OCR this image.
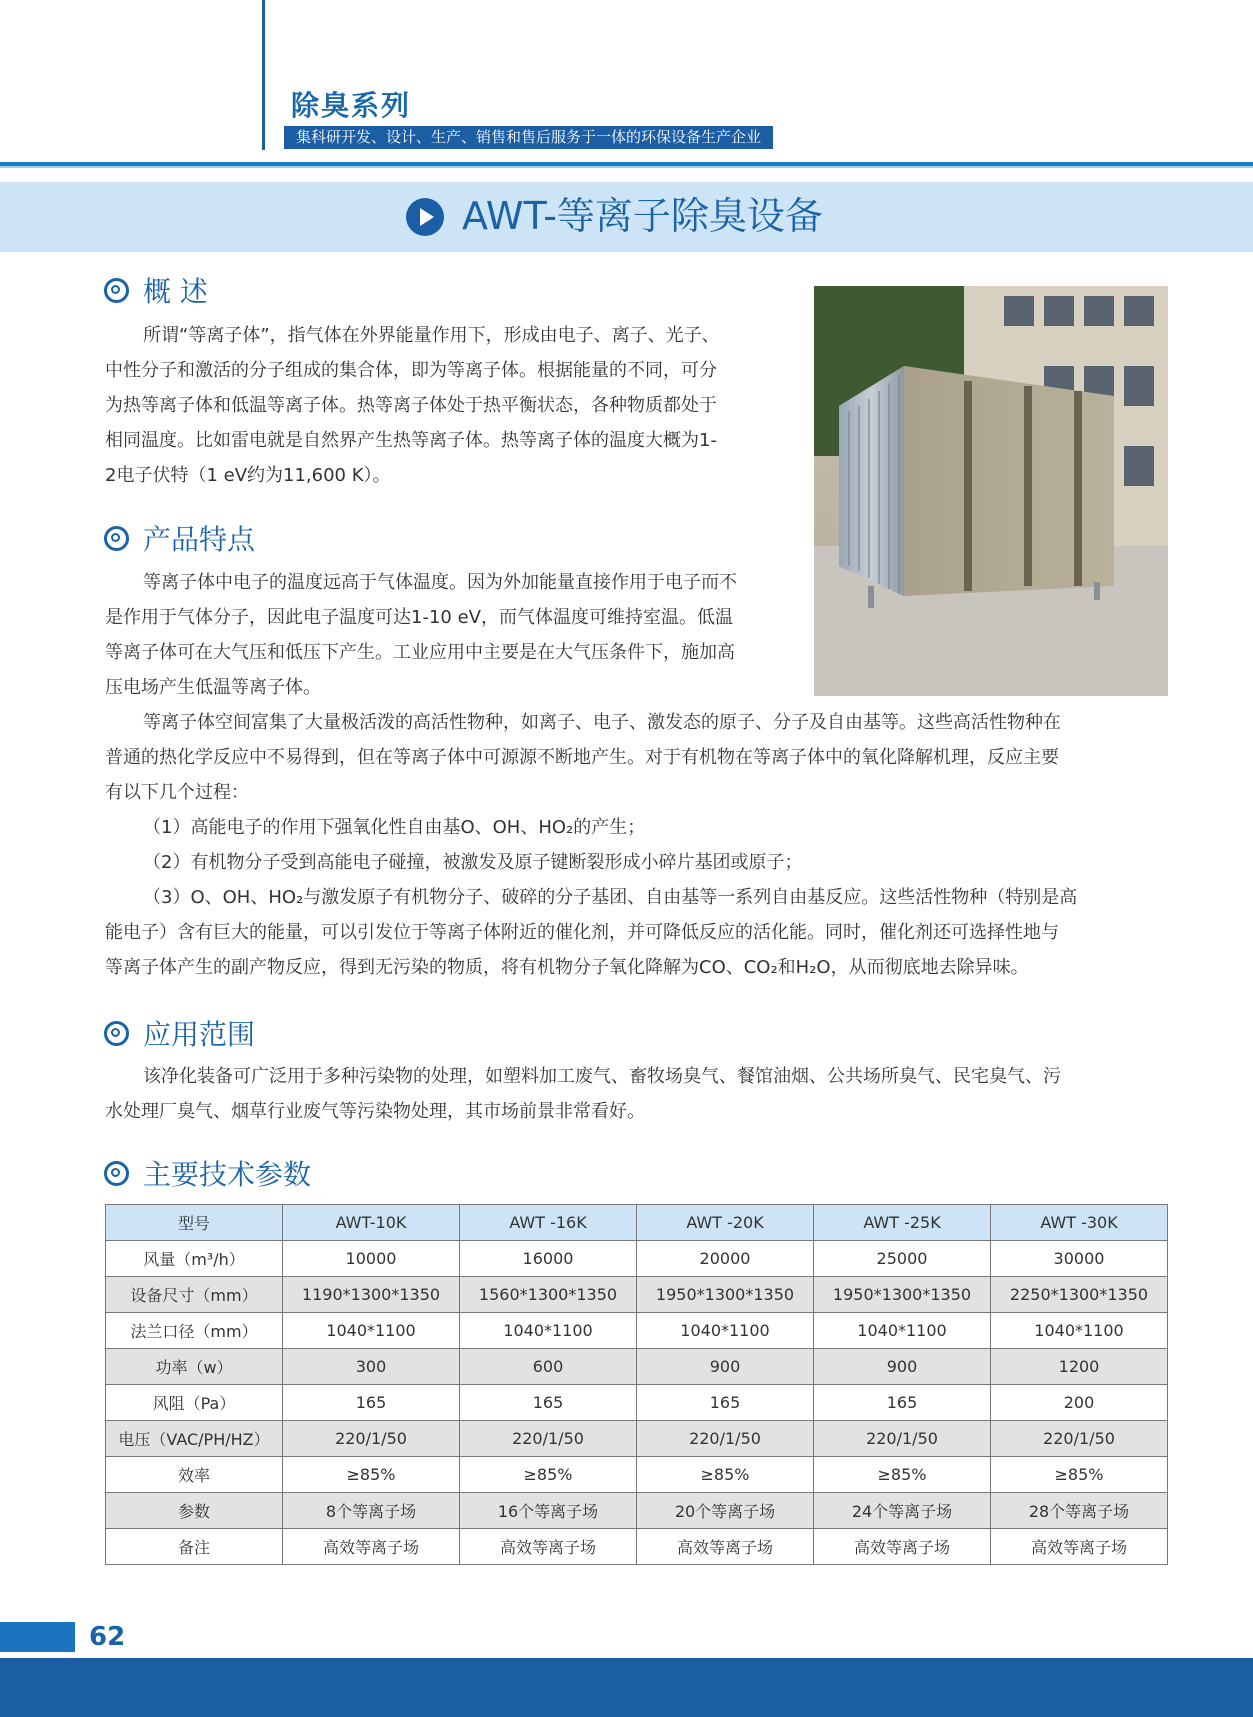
除臭系列
集科研开发、设计、生产、销售和售后服务于一体的环保设备生产企业
AWT-等离子除臭设备
概 述
所谓“等离子体”，指气体在外界能量作用下，形成由电子、离子、光子、
中性分子和激活的分子组成的集合体，即为等离子体。根据能量的不同，可分
为热等离子体和低温等离子体。热等离子体处于热平衡状态，各种物质都处于
相同温度。比如雷电就是自然界产生热等离子体。热等离子体的温度大概为1-
2电子伏特（1 eV约为11,600 K）。
产品特点
等离子体中电子的温度远高于气体温度。因为外加能量直接作用于电子而不
是作用于气体分子，因此电子温度可达1-10 eV，而气体温度可维持室温。低温
等离子体可在大气压和低压下产生。工业应用中主要是在大气压条件下，施加高
压电场产生低温等离子体。
等离子体空间富集了大量极活泼的高活性物种，如离子、电子、激发态的原子、分子及自由基等。这些高活性物种在
普通的热化学反应中不易得到，但在等离子体中可源源不断地产生。对于有机物在等离子体中的氧化降解机理，反应主要
有以下几个过程：
（1）高能电子的作用下强氧化性自由基O、OH、HO₂的产生；
（2）有机物分子受到高能电子碰撞，被激发及原子键断裂形成小碎片基团或原子；
（3）O、OH、HO₂与激发原子有机物分子、破碎的分子基团、自由基等一系列自由基反应。这些活性物种（特别是高
能电子）含有巨大的能量，可以引发位于等离子体附近的催化剂，并可降低反应的活化能。同时，催化剂还可选择性地与
等离子体产生的副产物反应，得到无污染的物质，将有机物分子氧化降解为CO、CO₂和H₂O，从而彻底地去除异味。
应用范围
该净化装备可广泛用于多种污染物的处理，如塑料加工废气、畜牧场臭气、餐馆油烟、公共场所臭气、民宅臭气、污
水处理厂臭气、烟草行业废气等污染物处理，其市场前景非常看好。
主要技术参数
型号	AWT-10K	AWT -16K	AWT -20K	AWT -25K	AWT -30K
风量（m³/h）	10000	16000	20000	25000	30000
设备尺寸（mm）	1190*1300*1350	1560*1300*1350	1950*1300*1350	1950*1300*1350	2250*1300*1350
法兰口径（mm）	1040*1100	1040*1100	1040*1100	1040*1100	1040*1100
功率（w）	300	600	900	900	1200
风阻（Pa）	165	165	165	165	200
电压（VAC/PH/HZ）	220/1/50	220/1/50	220/1/50	220/1/50	220/1/50
效率	≥85%	≥85%	≥85%	≥85%	≥85%
参数	8个等离子场	16个等离子场	20个等离子场	24个等离子场	28个等离子场
备注	高效等离子场	高效等离子场	高效等离子场	高效等离子场	高效等离子场
62
